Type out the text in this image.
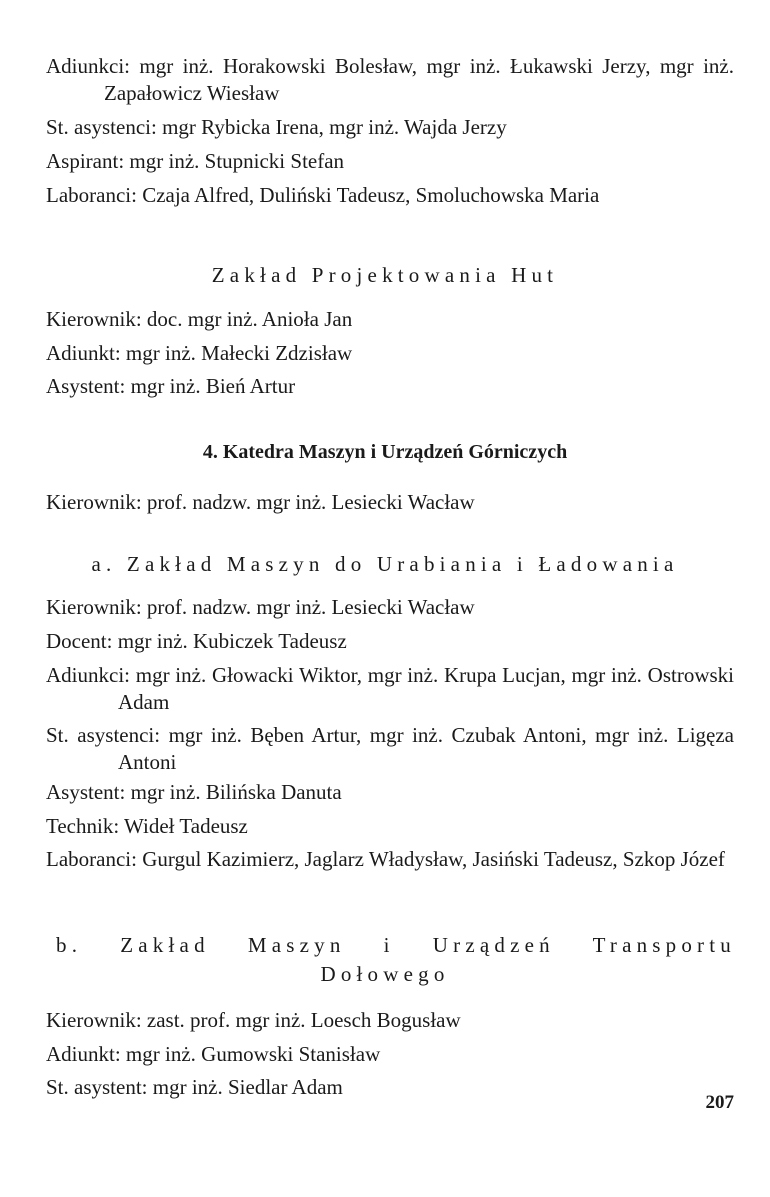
Adiunkci: mgr inż. Horakowski Bolesław, mgr inż. Łukawski Jerzy, mgr inż. Zapałowicz Wiesław
St. asystenci: mgr Rybicka Irena, mgr inż. Wajda Jerzy
Aspirant: mgr inż. Stupnicki Stefan
Laboranci: Czaja Alfred, Duliński Tadeusz, Smoluchowska Maria
Zakład Projektowania Hut
Kierownik: doc. mgr inż. Anioła Jan
Adiunkt: mgr inż. Małecki Zdzisław
Asystent: mgr inż. Bień Artur
4. Katedra Maszyn i Urządzeń Górniczych
Kierownik: prof. nadzw. mgr inż. Lesiecki Wacław
a. Zakład Maszyn do Urabiania i Ładowania
Kierownik: prof. nadzw. mgr inż. Lesiecki Wacław
Docent: mgr inż. Kubiczek Tadeusz
Adiunkci: mgr inż. Głowacki Wiktor, mgr inż. Krupa Lucjan, mgr inż. Ostrowski Adam
St. asystenci: mgr inż. Bęben Artur, mgr inż. Czubak Antoni, mgr inż. Ligęza Antoni
Asystent: mgr inż. Bilińska Danuta
Technik: Wideł Tadeusz
Laboranci: Gurgul Kazimierz, Jaglarz Władysław, Jasiński Tadeusz, Szkop Józef
b. Zakład Maszyn i Urządzeń Transportu
Dołowego
Kierownik: zast. prof. mgr inż. Loesch Bogusław
Adiunkt: mgr inż. Gumowski Stanisław
St. asystent: mgr inż. Siedlar Adam
207
